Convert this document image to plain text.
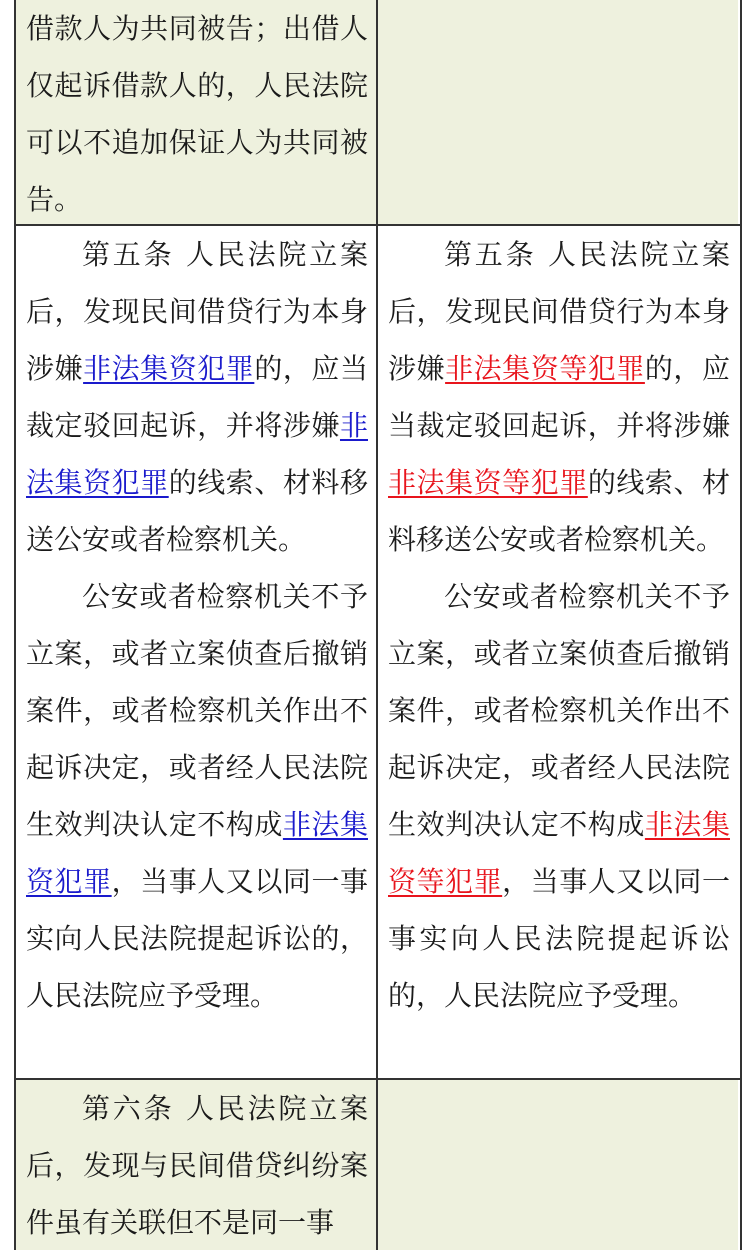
借款人为共同被告；出借人仅起诉借款人的，人民法院可以不追加保证人为共同被告。

第五条 人民法院立案后，发现民间借贷行为本身涉嫌非法集资犯罪的，应当裁定驳回起诉，并将涉嫌非法集资犯罪的线索、材料移送公安或者检察机关。

公安或者检察机关不予立案，或者立案侦查后撤销案件，或者检察机关作出不起诉决定，或者经人民法院生效判决认定不构成非法集资犯罪，当事人又以同一事实向人民法院提起诉讼的，人民法院应予受理。

第五条 人民法院立案后，发现民间借贷行为本身涉嫌非法集资等犯罪的，应当裁定驳回起诉，并将涉嫌非法集资等犯罪的线索、材料移送公安或者检察机关。

公安或者检察机关不予立案，或者立案侦查后撤销案件，或者检察机关作出不起诉决定，或者经人民法院生效判决认定不构成非法集资等犯罪，当事人又以同一事实向人民法院提起诉讼的，人民法院应予受理。

第六条 人民法院立案后，发现与民间借贷纠纷案件虽有关联但不是同一事
